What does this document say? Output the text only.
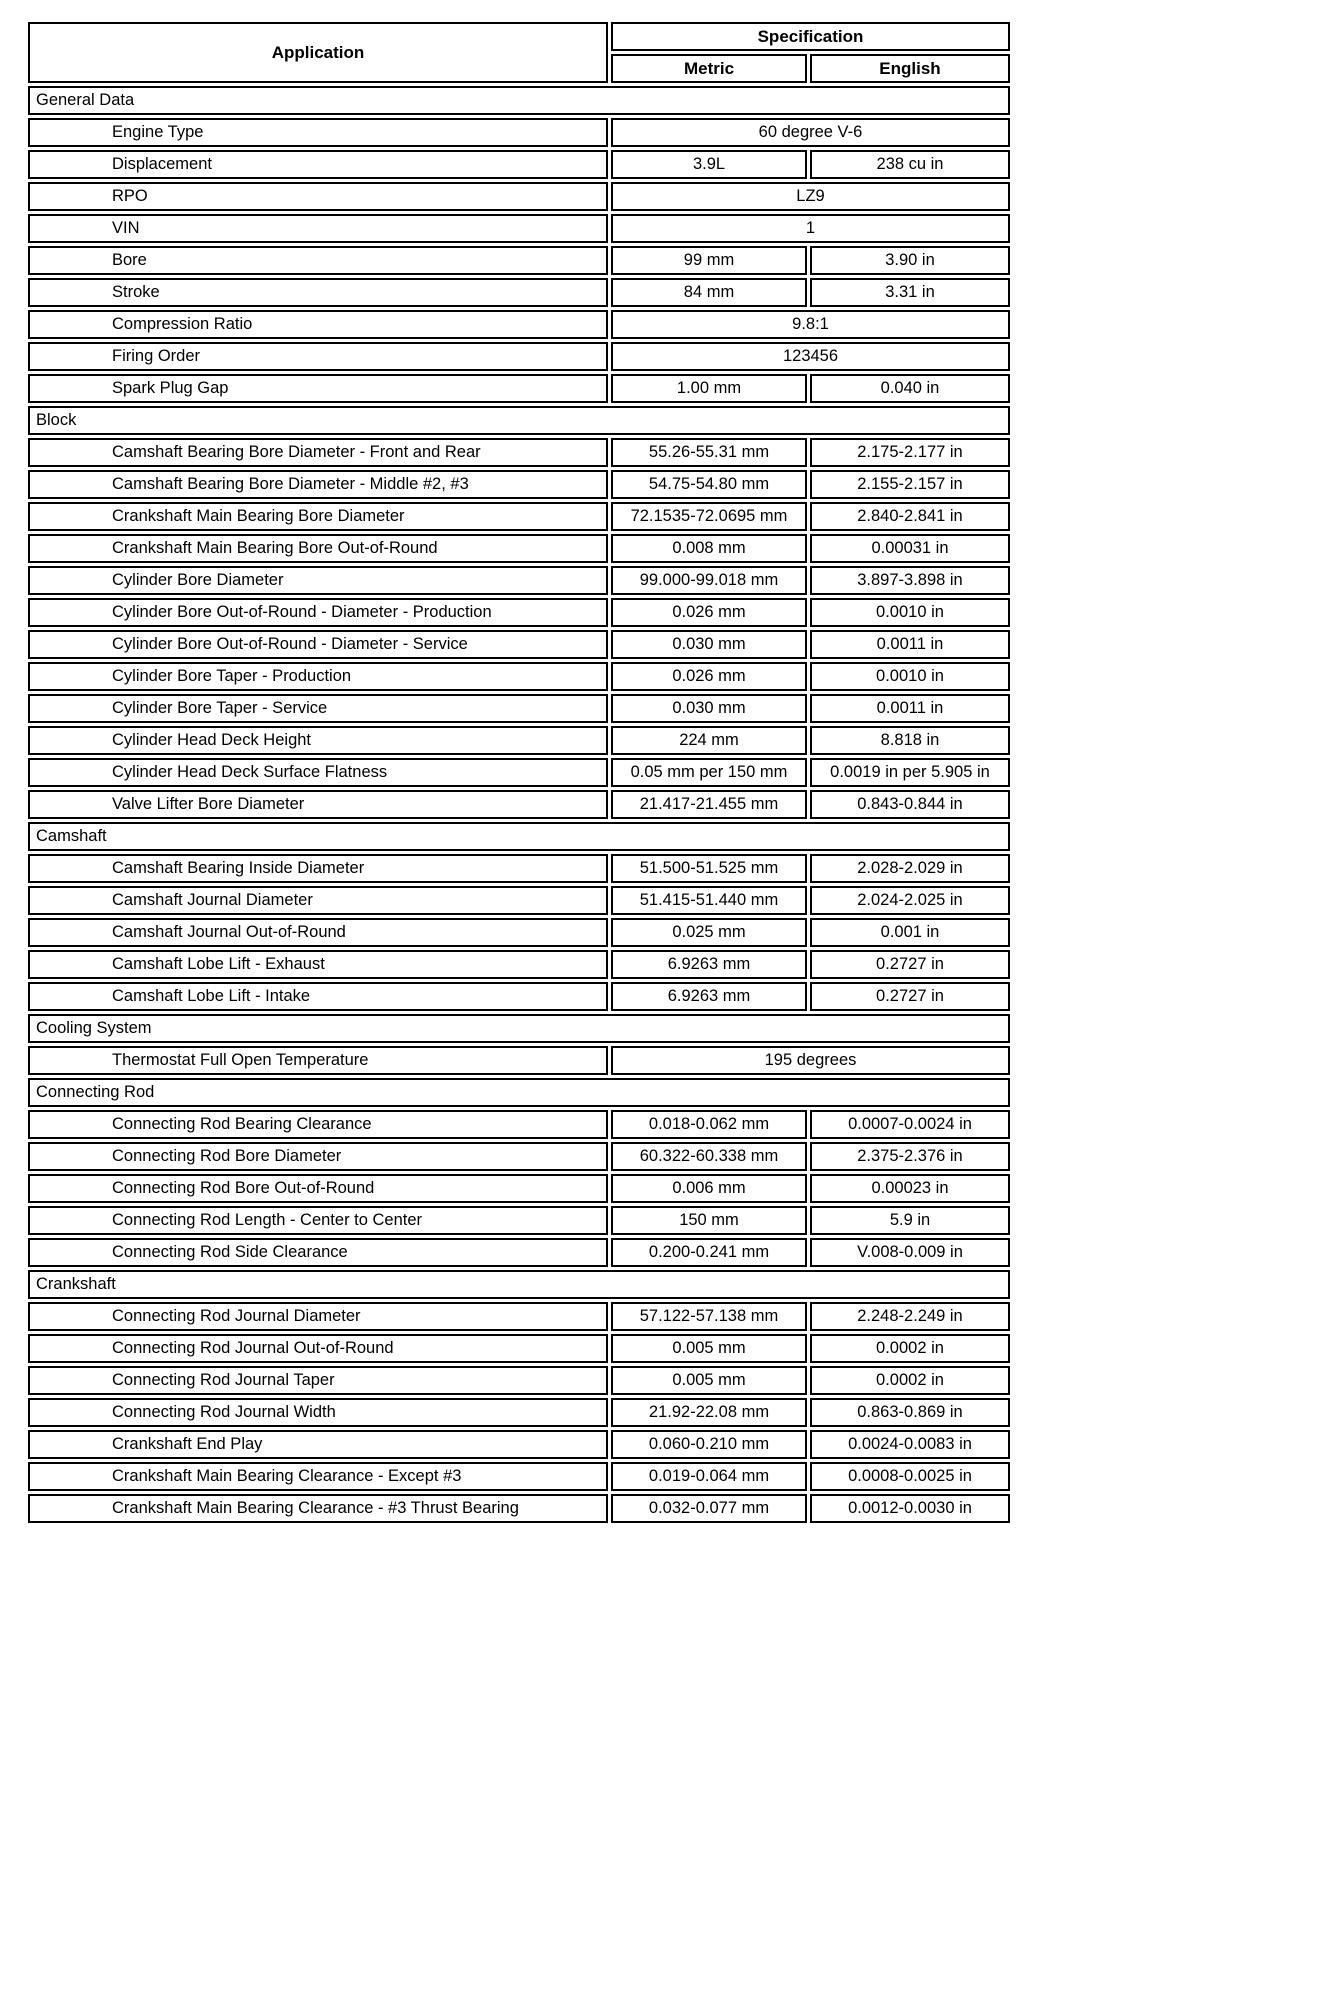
Application
Specification
Metric	English
General Data
Engine Type	60 degree V-6
Displacement	3.9L	238 cu in
RPO	LZ9
VIN	1
Bore	99 mm	3.90 in
Stroke	84 mm	3.31 in
Compression Ratio	9.8:1
Firing Order	123456
Spark Plug Gap	1.00 mm	0.040 in
Block
Camshaft Bearing Bore Diameter - Front and Rear	55.26-55.31 mm	2.175-2.177 in
Camshaft Bearing Bore Diameter - Middle #2, #3	54.75-54.80 mm	2.155-2.157 in
Crankshaft Main Bearing Bore Diameter	72.1535-72.0695 mm	2.840-2.841 in
Crankshaft Main Bearing Bore Out-of-Round	0.008 mm	0.00031 in
Cylinder Bore Diameter	99.000-99.018 mm	3.897-3.898 in
Cylinder Bore Out-of-Round - Diameter - Production	0.026 mm	0.0010 in
Cylinder Bore Out-of-Round - Diameter - Service	0.030 mm	0.0011 in
Cylinder Bore Taper - Production	0.026 mm	0.0010 in
Cylinder Bore Taper - Service	0.030 mm	0.0011 in
Cylinder Head Deck Height	224 mm	8.818 in
Cylinder Head Deck Surface Flatness	0.05 mm per 150 mm	0.0019 in per 5.905 in
Valve Lifter Bore Diameter	21.417-21.455 mm	0.843-0.844 in
Camshaft
Camshaft Bearing Inside Diameter	51.500-51.525 mm	2.028-2.029 in
Camshaft Journal Diameter	51.415-51.440 mm	2.024-2.025 in
Camshaft Journal Out-of-Round	0.025 mm	0.001 in
Camshaft Lobe Lift - Exhaust	6.9263 mm	0.2727 in
Camshaft Lobe Lift - Intake	6.9263 mm	0.2727 in
Cooling System
Thermostat Full Open Temperature	195 degrees
Connecting Rod
Connecting Rod Bearing Clearance	0.018-0.062 mm	0.0007-0.0024 in
Connecting Rod Bore Diameter	60.322-60.338 mm	2.375-2.376 in
Connecting Rod Bore Out-of-Round	0.006 mm	0.00023 in
Connecting Rod Length - Center to Center	150 mm	5.9 in
Connecting Rod Side Clearance	0.200-0.241 mm	V.008-0.009 in
Crankshaft
Connecting Rod Journal Diameter	57.122-57.138 mm	2.248-2.249 in
Connecting Rod Journal Out-of-Round	0.005 mm	0.0002 in
Connecting Rod Journal Taper	0.005 mm	0.0002 in
Connecting Rod Journal Width	21.92-22.08 mm	0.863-0.869 in
Crankshaft End Play	0.060-0.210 mm	0.0024-0.0083 in
Crankshaft Main Bearing Clearance - Except #3	0.019-0.064 mm	0.0008-0.0025 in
Crankshaft Main Bearing Clearance - #3 Thrust Bearing	0.032-0.077 mm	0.0012-0.0030 in
